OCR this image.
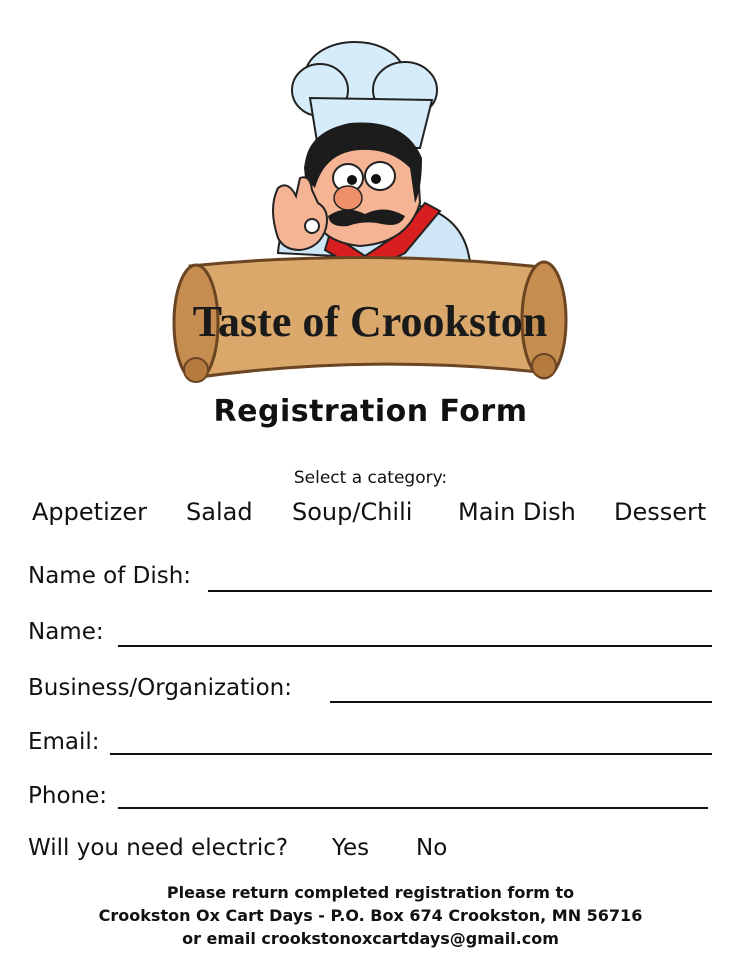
Taste of Crookston
Registration Form
Select a category:
Appetizer Salad Soup/Chili Main Dish Dessert
Name of Dish:
Name:
Business/Organization:
Email:
Phone:
Will you need electric? Yes No
Please return completed registration form to
Crookston Ox Cart Days - P.O. Box 674 Crookston, MN 56716
or email crookstonoxcartdays@gmail.com
